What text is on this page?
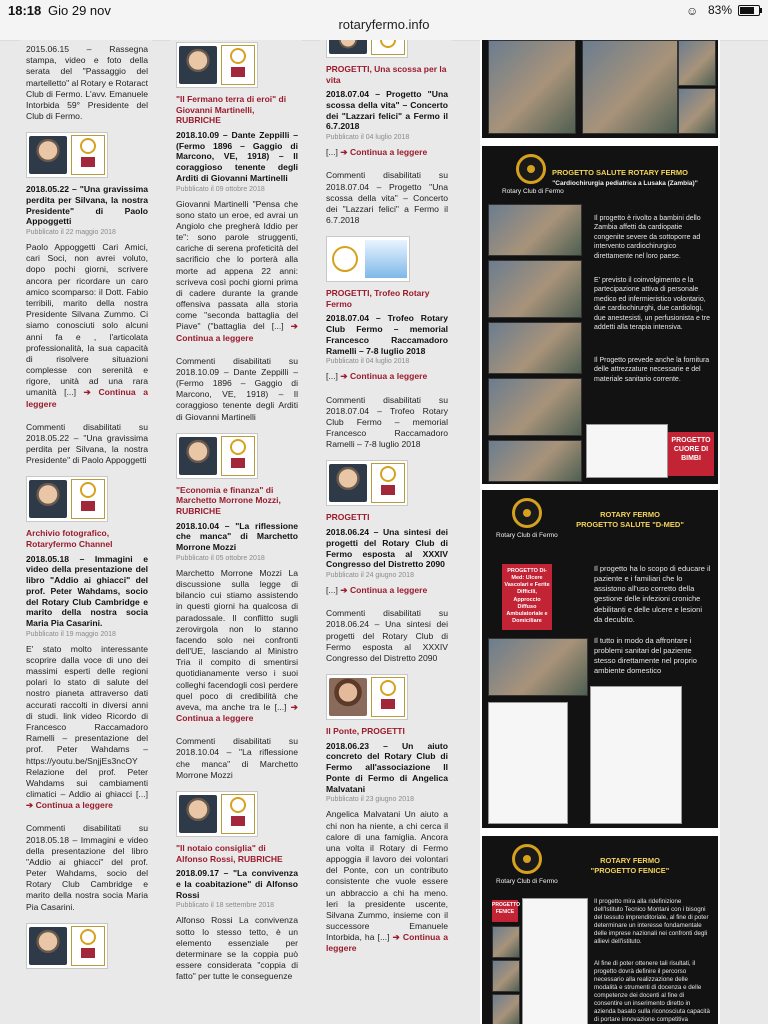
18:18 Gio 29 nov
rotaryfermo.info
☺ 83%
2015.06.15 – Rassegna stampa, video e foto della serata del "Passaggio del martelletto" al Rotary e Rotaract Club di Fermo. L'avv. Emanuele Intorbida 59° Presidente del Club di Fermo.
2018.05.22 – "Una gravissima perdita per Silvana, la nostra Presidente" di Paolo Appoggetti
Pubblicato il 22 maggio 2018
Paolo Appoggetti Cari Amici, cari Soci, non avrei voluto, dopo pochi giorni, scrivere ancora per ricordare un caro amico scomparso: il Dott. Fabio terribili, marito della nostra Presidente Silvana Zummo. Ci siamo conosciuti solo alcuni anni fa e , l'articolata professionalità, la sua capacità di risolvere situazioni complesse con serenità e rigore, unità ad una rara umanità [...] ➔ Continua a leggere
Commenti disabilitati su 2018.05.22 – "Una gravissima perdita per Silvana, la nostra Presidente" di Paolo Appoggetti
Archivio fotografico, Rotaryfermo Channel
2018.05.18 – Immagini e video della presentazione del libro "Addio ai ghiacci" del prof. Peter Wahdams, socio del Rotary Club Cambridge e marito della nostra socia Maria Pia Casarini.
Pubblicato il 19 maggio 2018
E' stato molto interessante scoprire dalla voce di uno dei massimi esperti delle regioni polari lo stato di salute del nostro pianeta attraverso dati accurati raccolti in diversi anni di studi. link video Ricordo di Francesco Raccamadoro Ramelli – presentazione del prof. Peter Wahdams – https://youtu.be/SnjjEs3ncOY Relazione del prof. Peter Wahdams sui cambiamenti climatici – Addio ai ghiacci [...] ➔ Continua a leggere
Commenti disabilitati su 2018.05.18 – Immagini e video della presentazione del libro "Addio ai ghiacci" del prof. Peter Wahdams, socio del Rotary Club Cambridge e marito della nostra socia Maria Pia Casarini.
"Il Fermano terra di eroi" di Giovanni Martinelli, RUBRICHE
2018.10.09 – Dante Zeppilli – (Fermo 1896 – Gaggio di Marcono, VE, 1918) – Il coraggioso tenente degli Arditi di Giovanni Martinelli
Pubblicato il 09 ottobre 2018
Giovanni Martinelli "Pensa che sono stato un eroe, ed avrai un Angiolo che pregherà Iddio per te": sono parole struggenti, cariche di serena profeticità del sacrificio che lo porterà alla morte ad appena 22 anni: scriveva così pochi giorni prima di cadere durante la grande offensiva passata alla storia come "seconda battaglia del Piave" ("battaglia del [...] ➔ Continua a leggere
Commenti disabilitati su 2018.10.09 – Dante Zeppilli – (Fermo 1896 – Gaggio di Marcono, VE, 1918) – Il coraggioso tenente degli Arditi di Giovanni Martinelli
"Economia e finanza" di Marchetto Morrone Mozzi, RUBRICHE
2018.10.04 – "La riflessione che manca" di Marchetto Morrone Mozzi
Pubblicato il 05 ottobre 2018
Marchetto Morrone Mozzi La discussione sulla legge di bilancio cui stiamo assistendo in questi giorni ha qualcosa di paradossale. Il conflitto sugli zerovirgola non lo stanno facendo solo nei confronti dell'UE, lasciando al Ministro Tria il compito di smentirsi quotidianamente verso i suoi colleghi facendogli così perdere quel poco di credibilità che aveva, ma anche tra le [...] ➔ Continua a leggere
Commenti disabilitati su 2018.10.04 – "La riflessione che manca" di Marchetto Morrone Mozzi
"Il notaio consiglia" di Alfonso Rossi, RUBRICHE
2018.09.17 – "La convivenza e la coabitazione" di Alfonso Rossi
Pubblicato il 18 settembre 2018
Alfonso Rossi La convivenza sotto lo stesso tetto, è un elemento essenziale per determinare se la coppia può essere considerata "coppia di fatto" per tutte le conseguenze
PROGETTI, Una scossa per la vita
2018.07.04 – Progetto "Una scossa della vita" – Concerto dei "Lazzari felici" a Fermo il 6.7.2018
Pubblicato il 04 luglio 2018
[...] ➔ Continua a leggere
Commenti disabilitati su 2018.07.04 – Progetto "Una scossa della vita" – Concerto dei "Lazzari felici" a Fermo il 6.7.2018
PROGETTI, Trofeo Rotary Fermo
2018.07.04 – Trofeo Rotary Club Fermo – memorial Francesco Raccamadoro Ramelli – 7-8 luglio 2018
Pubblicato il 04 luglio 2018
[...] ➔ Continua a leggere
Commenti disabilitati su 2018.07.04 – Trofeo Rotary Club Fermo – memorial Francesco Raccamadoro Ramelli – 7-8 luglio 2018
PROGETTI
2018.06.24 – Una sintesi dei progetti del Rotary Club di Fermo esposta al XXXIV Congresso del Distretto 2090
Pubblicato il 24 giugno 2018
[...] ➔ Continua a leggere
Commenti disabilitati su 2018.06.24 – Una sintesi dei progetti del Rotary Club di Fermo esposta al XXXIV Congresso del Distretto 2090
Il Ponte, PROGETTI
2018.06.23 – Un aiuto concreto del Rotary Club di Fermo all'associazione Il Ponte di Fermo di Angelica Malvatani
Pubblicato il 23 giugno 2018
Angelica Malvatani Un aiuto a chi non ha niente, a chi cerca il calore di una famiglia. Ancora una volta il Rotary di Fermo appoggia il lavoro dei volontari del Ponte, con un contributo consistente che vuole essere un abbraccio a chi ha meno. Ieri la presidente uscente, Silvana Zummo, insieme con il successore Emanuele Intorbida, ha [...] ➔ Continua a leggere
Rotary Club di Fermo
PROGETTO SALUTE ROTARY FERMO
"Cardiochirurgia pediatrica a Lusaka (Zambia)"
Il progetto è rivolto a bambini dello Zambia affetti da cardiopatie congenite severe da sottoporre ad intervento cardiochirurgico direttamente nel loro paese.
E' previsto il coinvolgimento e la partecipazione attiva di personale medico ed infermieristico volontario, due cardiochirurghi, due cardiologi, due anestesisti, un perfusionista e tre addetti alla terapia intensiva.
Il Progetto prevede anche la fornitura delle attrezzature necessarie e del materiale sanitario corrente.
PROGETTO CUORE DI BIMBI
Rotary Club di Fermo
ROTARY FERMO
PROGETTO SALUTE "D-MED"
PROGETTO Di-Med: Ulcere Vascolari e Ferite Difficili, Approccio Diffuso Ambulatoriale e Domiciliare
Il progetto ha lo scopo di educare il paziente e i familiari che lo assistono all'uso corretto della gestione delle infezioni croniche debilitanti e delle ulcere e lesioni da decubito.
Il tutto in modo da affrontare i problemi sanitari del paziente stesso direttamente nel proprio ambiente domestico
Rotary Club di Fermo
ROTARY FERMO
"PROGETTO FENICE"
PROGETTO FENICE
Il progetto mira alla ridefinizione dell'Istituto Tecnico Montani con i bisogni del tessuto imprenditoriale, al fine di poter determinare un interesse fondamentale delle imprese nazionali nei confronti degli allievi dell'istituto.
Al fine di poter ottenere tali risultati, il progetto dovrà definire il percorso necessario alla realizzazione delle modalità e strumenti di docenza e delle competenze dei docenti al fine di consentire un inserimento diretto in azienda basato sulla riconosciuta capacità di portare innovazione competitiva
